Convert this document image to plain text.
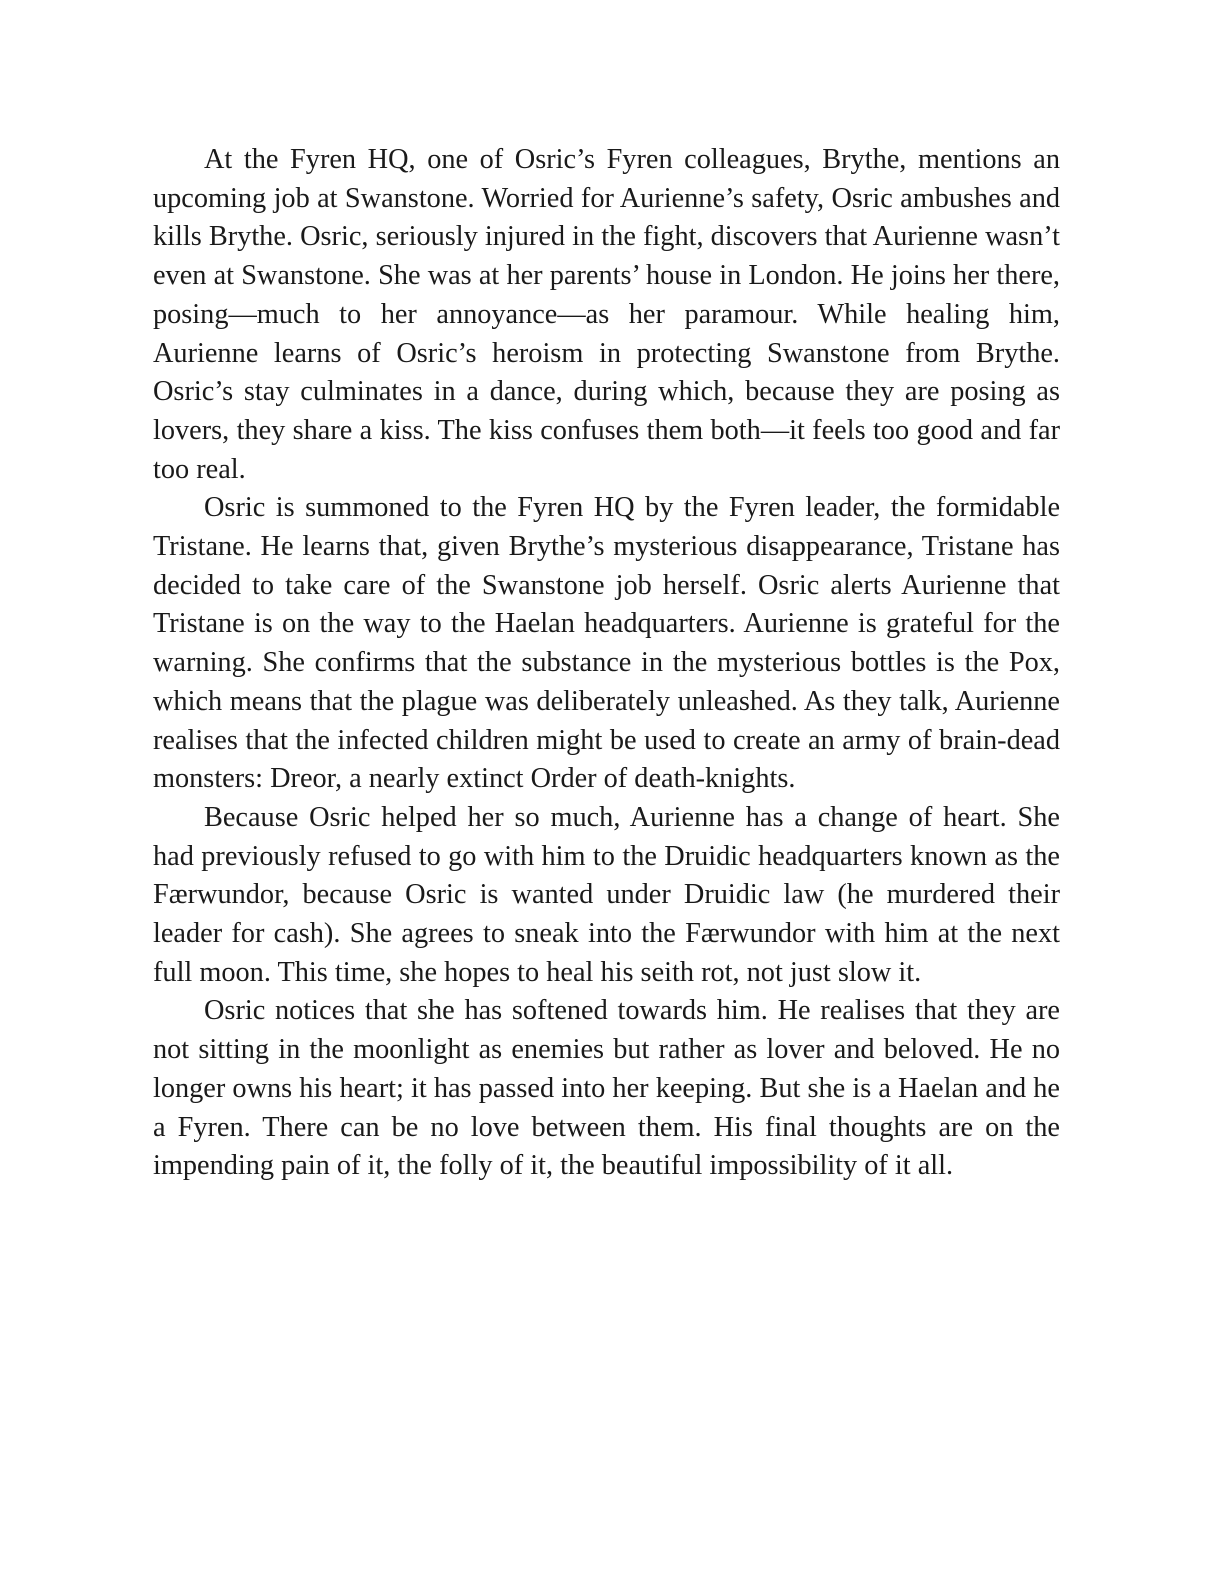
At the Fyren HQ, one of Osric’s Fyren colleagues, Brythe, mentions an upcoming job at Swanstone. Worried for Aurienne’s safety, Osric ambushes and kills Brythe. Osric, seriously injured in the fight, discovers that Aurienne wasn’t even at Swanstone. She was at her parents’ house in London. He joins her there, posing—much to her annoyance—as her paramour. While healing him, Aurienne learns of Osric’s heroism in protecting Swanstone from Brythe. Osric’s stay culminates in a dance, during which, because they are posing as lovers, they share a kiss. The kiss confuses them both—it feels too good and far too real.

Osric is summoned to the Fyren HQ by the Fyren leader, the formidable Tristane. He learns that, given Brythe’s mysterious disappearance, Tristane has decided to take care of the Swanstone job herself. Osric alerts Aurienne that Tristane is on the way to the Haelan headquarters. Aurienne is grateful for the warning. She confirms that the substance in the mysterious bottles is the Pox, which means that the plague was deliberately unleashed. As they talk, Aurienne realises that the infected children might be used to create an army of brain-dead monsters: Dreor, a nearly extinct Order of death-knights.

Because Osric helped her so much, Aurienne has a change of heart. She had previously refused to go with him to the Druidic headquarters known as the Færwundor, because Osric is wanted under Druidic law (he murdered their leader for cash). She agrees to sneak into the Færwundor with him at the next full moon. This time, she hopes to heal his seith rot, not just slow it.

Osric notices that she has softened towards him. He realises that they are not sitting in the moonlight as enemies but rather as lover and beloved. He no longer owns his heart; it has passed into her keeping. But she is a Haelan and he a Fyren. There can be no love between them. His final thoughts are on the impending pain of it, the folly of it, the beautiful impossibility of it all.
